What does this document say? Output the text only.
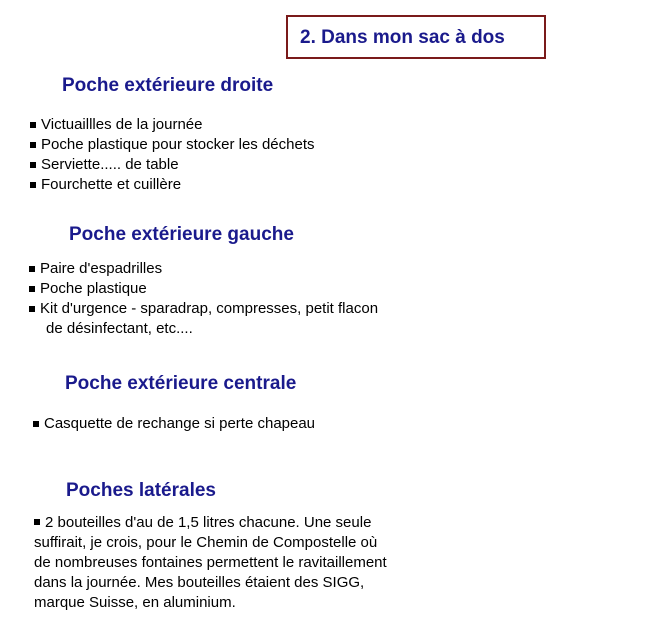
2. Dans mon sac à dos
Poche extérieure droite
Victuaillles de la journée
Poche plastique pour stocker les déchets
Serviette..... de table
Fourchette et cuillère
Poche extérieure gauche
Paire d'espadrilles
Poche plastique
Kit d'urgence - sparadrap, compresses, petit flacon
de désinfectant, etc....
Poche extérieure centrale
Casquette de rechange si perte chapeau
Poches latérales
2 bouteilles d'au de 1,5 litres chacune. Une seule
suffirait, je crois, pour le Chemin de Compostelle où
de nombreuses fontaines permettent le ravitaillement
dans la journée. Mes bouteilles étaient des SIGG,
marque Suisse, en aluminium.
